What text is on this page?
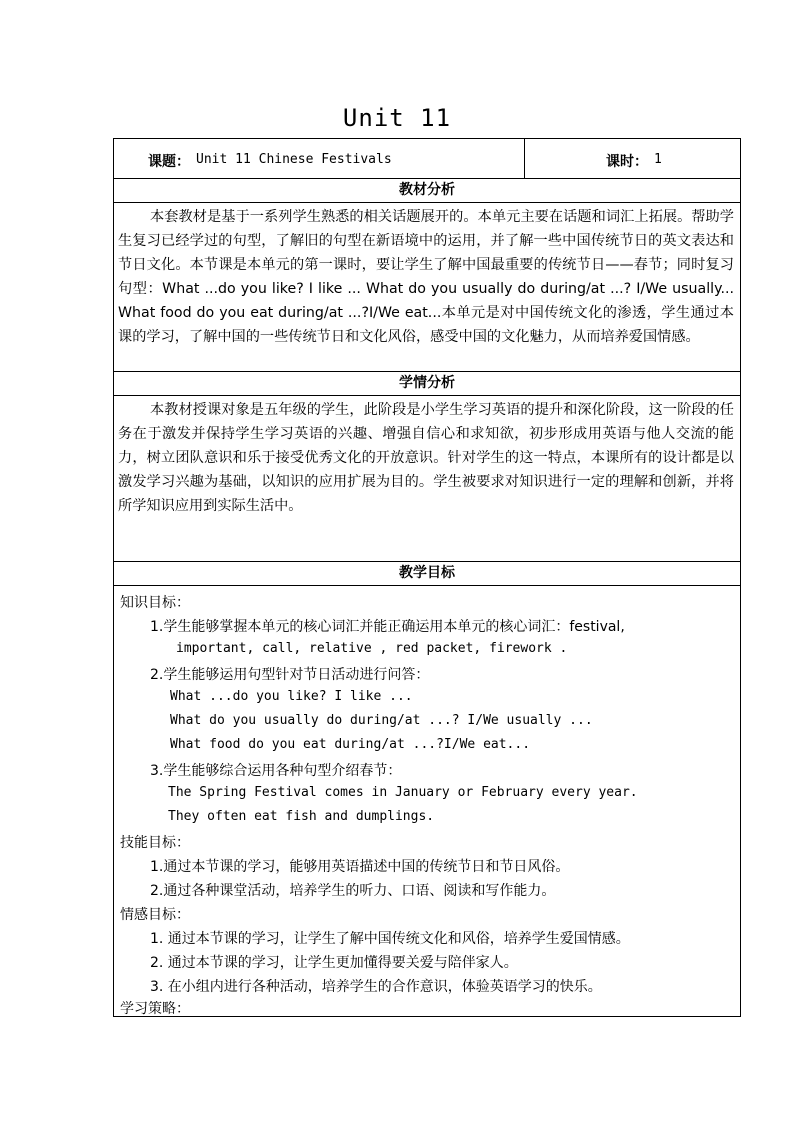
Unit 11
课题： Unit 11 Chinese Festivals	课时： 1
教材分析
本套教材是基于一系列学生熟悉的相关话题展开的。本单元主要在话题和词汇上拓展。帮助学生复习已经学过的句型，了解旧的句型在新语境中的运用，并了解一些中国传统节日的英文表达和节日文化。本节课是本单元的第一课时，要让学生了解中国最重要的传统节日——春节；同时复习句型：What ...do you like? I like ... What do you usually do during/at ...? I/We usually... What food do you eat during/at ...?I/We eat...本单元是对中国传统文化的渗透，学生通过本课的学习，了解中国的一些传统节日和文化风俗，感受中国的文化魅力，从而培养爱国情感。
学情分析
本教材授课对象是五年级的学生，此阶段是小学生学习英语的提升和深化阶段，这一阶段的任务在于激发并保持学生学习英语的兴趣、增强自信心和求知欲，初步形成用英语与他人交流的能力，树立团队意识和乐于接受优秀文化的开放意识。针对学生的这一特点，本课所有的设计都是以激发学习兴趣为基础，以知识的应用扩展为目的。学生被要求对知识进行一定的理解和创新，并将所学知识应用到实际生活中。
教学目标
知识目标：
1.学生能够掌握本单元的核心词汇并能正确运用本单元的核心词汇：festival,
important, call, relative , red packet, firework .
2.学生能够运用句型针对节日活动进行问答：
What ...do you like? I like ...
What do you usually do during/at ...? I/We usually ...
What food do you eat during/at ...?I/We eat...
3.学生能够综合运用各种句型介绍春节：
The Spring Festival comes in January or February every year.
They often eat fish and dumplings.
技能目标：
1.通过本节课的学习，能够用英语描述中国的传统节日和节日风俗。
2.通过各种课堂活动，培养学生的听力、口语、阅读和写作能力。
情感目标：
1. 通过本节课的学习，让学生了解中国传统文化和风俗，培养学生爱国情感。
2. 通过本节课的学习，让学生更加懂得要关爱与陪伴家人。
3. 在小组内进行各种活动，培养学生的合作意识，体验英语学习的快乐。
学习策略：
